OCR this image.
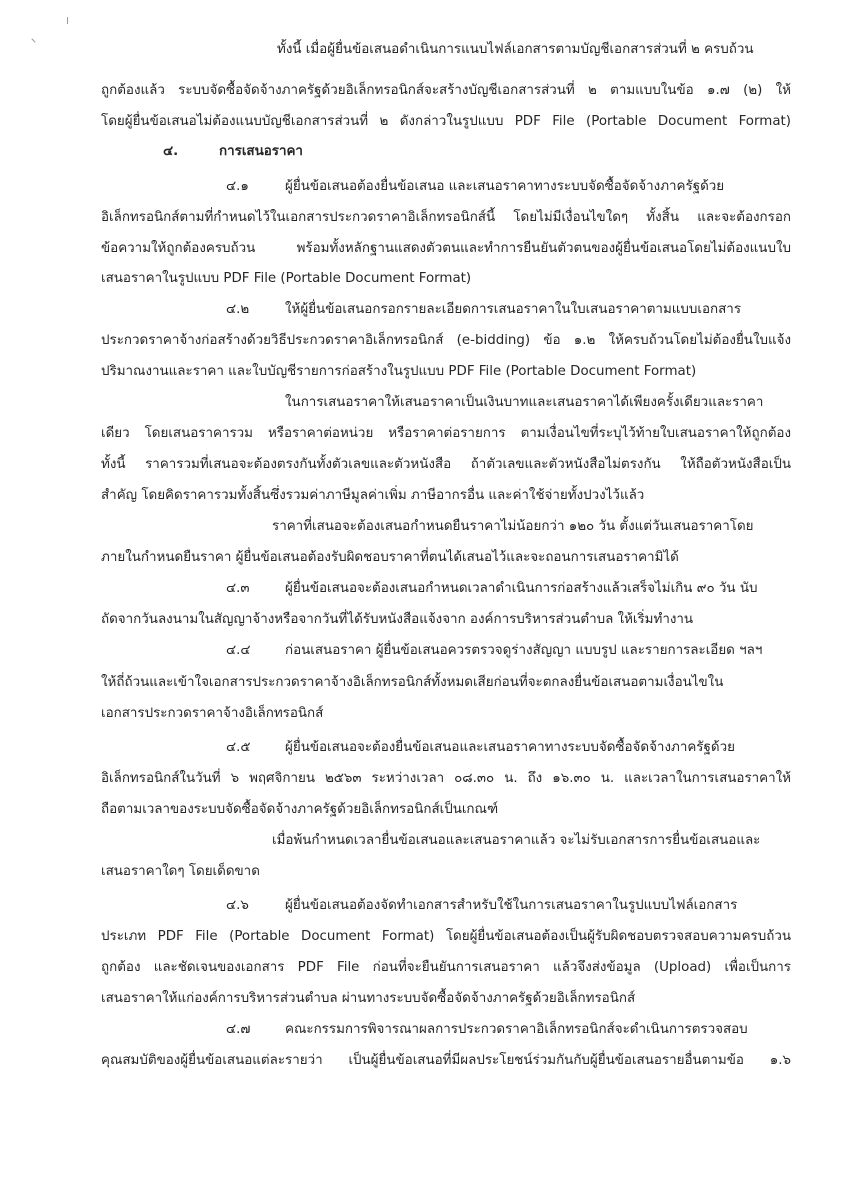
ทั้งนี้ เมื่อผู้ยื่นข้อเสนอดำเนินการแนบไฟล์เอกสารตามบัญชีเอกสารส่วนที่ ๒ ครบถ้วน
ถูกต้องแล้ว ระบบจัดซื้อจัดจ้างภาครัฐด้วยอิเล็กทรอนิกส์จะสร้างบัญชีเอกสารส่วนที่ ๒ ตามแบบในข้อ ๑.๗ (๒) ให้
โดยผู้ยื่นข้อเสนอไม่ต้องแนบบัญชีเอกสารส่วนที่ ๒ ดังกล่าวในรูปแบบ PDF File (Portable Document Format)
๔.	การเสนอราคา
๔.๑	ผู้ยื่นข้อเสนอต้องยื่นข้อเสนอ และเสนอราคาทางระบบจัดซื้อจัดจ้างภาครัฐด้วย
อิเล็กทรอนิกส์ตามที่กำหนดไว้ในเอกสารประกวดราคาอิเล็กทรอนิกส์นี้ โดยไม่มีเงื่อนไขใดๆ ทั้งสิ้น และจะต้องกรอก
ข้อความให้ถูกต้องครบถ้วน พร้อมทั้งหลักฐานแสดงตัวตนและทำการยืนยันตัวตนของผู้ยื่นข้อเสนอโดยไม่ต้องแนบใบ
เสนอราคาในรูปแบบ PDF File (Portable Document Format)
๔.๒	ให้ผู้ยื่นข้อเสนอกรอกรายละเอียดการเสนอราคาในใบเสนอราคาตามแบบเอกสาร
ประกวดราคาจ้างก่อสร้างด้วยวิธีประกวดราคาอิเล็กทรอนิกส์ (e-bidding) ข้อ ๑.๒ ให้ครบถ้วนโดยไม่ต้องยื่นใบแจ้ง
ปริมาณงานและราคา และใบบัญชีรายการก่อสร้างในรูปแบบ PDF File (Portable Document Format)
ในการเสนอราคาให้เสนอราคาเป็นเงินบาทและเสนอราคาได้เพียงครั้งเดียวและราคา
เดียว โดยเสนอราคารวม หรือราคาต่อหน่วย หรือราคาต่อรายการ ตามเงื่อนไขที่ระบุไว้ท้ายใบเสนอราคาให้ถูกต้อง
ทั้งนี้ ราคารวมที่เสนอจะต้องตรงกันทั้งตัวเลขและตัวหนังสือ ถ้าตัวเลขและตัวหนังสือไม่ตรงกัน ให้ถือตัวหนังสือเป็น
สำคัญ โดยคิดราคารวมทั้งสิ้นซึ่งรวมค่าภาษีมูลค่าเพิ่ม ภาษีอากรอื่น และค่าใช้จ่ายทั้งปวงไว้แล้ว
ราคาที่เสนอจะต้องเสนอกำหนดยืนราคาไม่น้อยกว่า ๑๒๐ วัน ตั้งแต่วันเสนอราคาโดย
ภายในกำหนดยืนราคา ผู้ยื่นข้อเสนอต้องรับผิดชอบราคาที่ตนได้เสนอไว้และจะถอนการเสนอราคามิได้
๔.๓	ผู้ยื่นข้อเสนอจะต้องเสนอกำหนดเวลาดำเนินการก่อสร้างแล้วเสร็จไม่เกิน ๙๐ วัน นับ
ถัดจากวันลงนามในสัญญาจ้างหรือจากวันที่ได้รับหนังสือแจ้งจาก องค์การบริหารส่วนตำบล ให้เริ่มทำงาน
๔.๔	ก่อนเสนอราคา ผู้ยื่นข้อเสนอควรตรวจดูร่างสัญญา แบบรูป และรายการละเอียด ฯลฯ
ให้ถี่ถ้วนและเข้าใจเอกสารประกวดราคาจ้างอิเล็กทรอนิกส์ทั้งหมดเสียก่อนที่จะตกลงยื่นข้อเสนอตามเงื่อนไขใน
เอกสารประกวดราคาจ้างอิเล็กทรอนิกส์
๔.๕	ผู้ยื่นข้อเสนอจะต้องยื่นข้อเสนอและเสนอราคาทางระบบจัดซื้อจัดจ้างภาครัฐด้วย
อิเล็กทรอนิกส์ในวันที่ ๖ พฤศจิกายน ๒๕๖๓ ระหว่างเวลา ๐๘.๓๐ น. ถึง ๑๖.๓๐ น. และเวลาในการเสนอราคาให้
ถือตามเวลาของระบบจัดซื้อจัดจ้างภาครัฐด้วยอิเล็กทรอนิกส์เป็นเกณฑ์
เมื่อพ้นกำหนดเวลายื่นข้อเสนอและเสนอราคาแล้ว จะไม่รับเอกสารการยื่นข้อเสนอและ
เสนอราคาใดๆ โดยเด็ดขาด
๔.๖	ผู้ยื่นข้อเสนอต้องจัดทำเอกสารสำหรับใช้ในการเสนอราคาในรูปแบบไฟล์เอกสาร
ประเภท PDF File (Portable Document Format) โดยผู้ยื่นข้อเสนอต้องเป็นผู้รับผิดชอบตรวจสอบความครบถ้วน
ถูกต้อง และชัดเจนของเอกสาร PDF File ก่อนที่จะยืนยันการเสนอราคา แล้วจึงส่งข้อมูล (Upload) เพื่อเป็นการ
เสนอราคาให้แก่องค์การบริหารส่วนตำบล ผ่านทางระบบจัดซื้อจัดจ้างภาครัฐด้วยอิเล็กทรอนิกส์
๔.๗	คณะกรรมการพิจารณาผลการประกวดราคาอิเล็กทรอนิกส์จะดำเนินการตรวจสอบ
คุณสมบัติของผู้ยื่นข้อเสนอแต่ละรายว่า เป็นผู้ยื่นข้อเสนอที่มีผลประโยชน์ร่วมกันกับผู้ยื่นข้อเสนอรายอื่นตามข้อ ๑.๖
